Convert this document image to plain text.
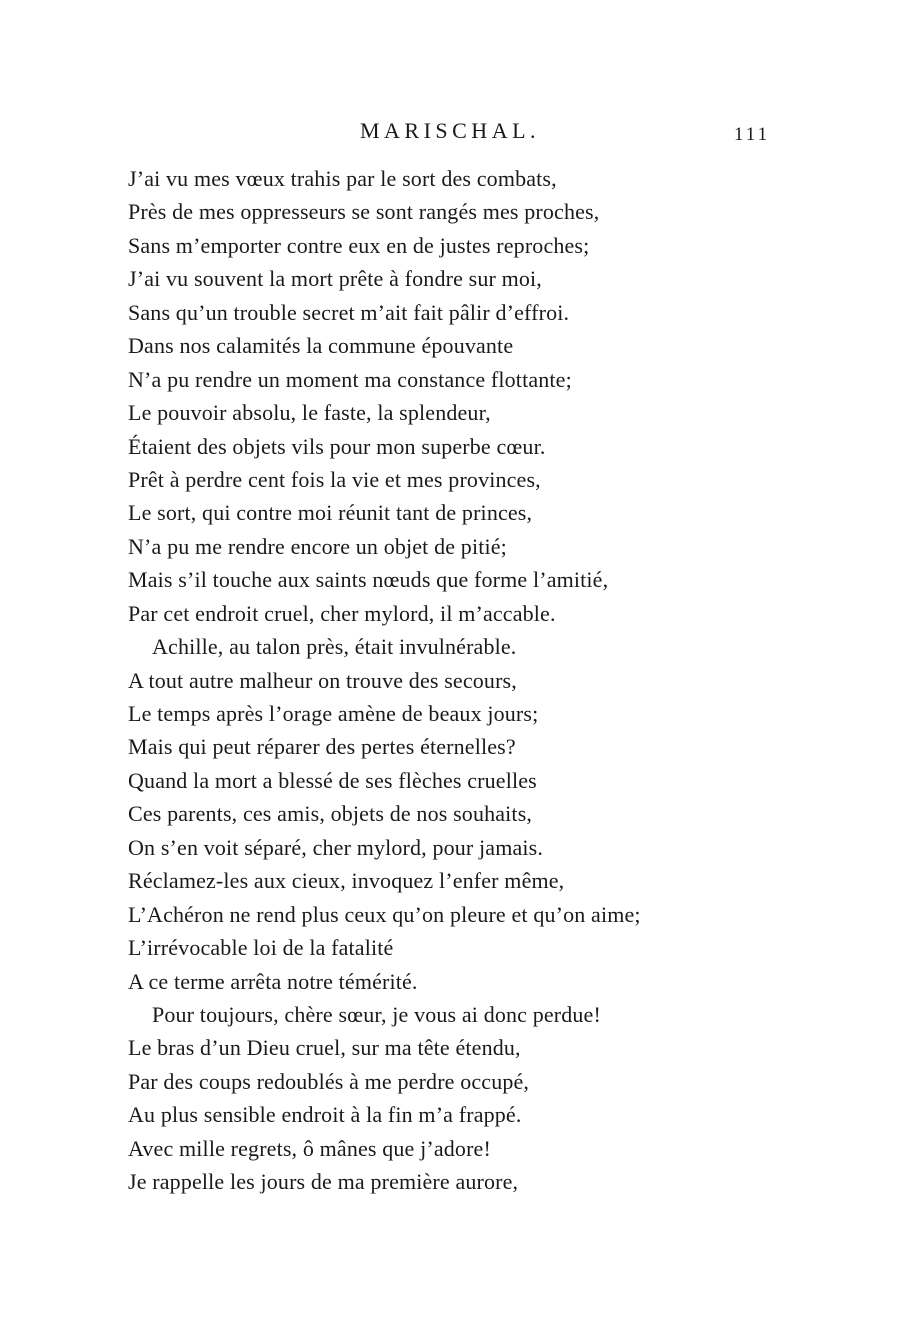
MARISCHAL.	111
J’ai vu mes vœux trahis par le sort des combats,
Près de mes oppresseurs se sont rangés mes proches,
Sans m’emporter contre eux en de justes reproches;
J’ai vu souvent la mort prête à fondre sur moi,
Sans qu’un trouble secret m’ait fait pâlir d’effroi.
Dans nos calamités la commune épouvante
N’a pu rendre un moment ma constance flottante;
Le pouvoir absolu, le faste, la splendeur,
Étaient des objets vils pour mon superbe cœur.
Prêt à perdre cent fois la vie et mes provinces,
Le sort, qui contre moi réunit tant de princes,
N’a pu me rendre encore un objet de pitié;
Mais s’il touche aux saints nœuds que forme l’amitié,
Par cet endroit cruel, cher mylord, il m’accable.
Achille, au talon près, était invulnérable.
A tout autre malheur on trouve des secours,
Le temps après l’orage amène de beaux jours;
Mais qui peut réparer des pertes éternelles?
Quand la mort a blessé de ses flèches cruelles
Ces parents, ces amis, objets de nos souhaits,
On s’en voit séparé, cher mylord, pour jamais.
Réclamez-les aux cieux, invoquez l’enfer même,
L’Achéron ne rend plus ceux qu’on pleure et qu’on aime;
L’irrévocable loi de la fatalité
A ce terme arrêta notre témérité.
Pour toujours, chère sœur, je vous ai donc perdue!
Le bras d’un Dieu cruel, sur ma tête étendu,
Par des coups redoublés à me perdre occupé,
Au plus sensible endroit à la fin m’a frappé.
Avec mille regrets, ô mânes que j’adore!
Je rappelle les jours de ma première aurore,
